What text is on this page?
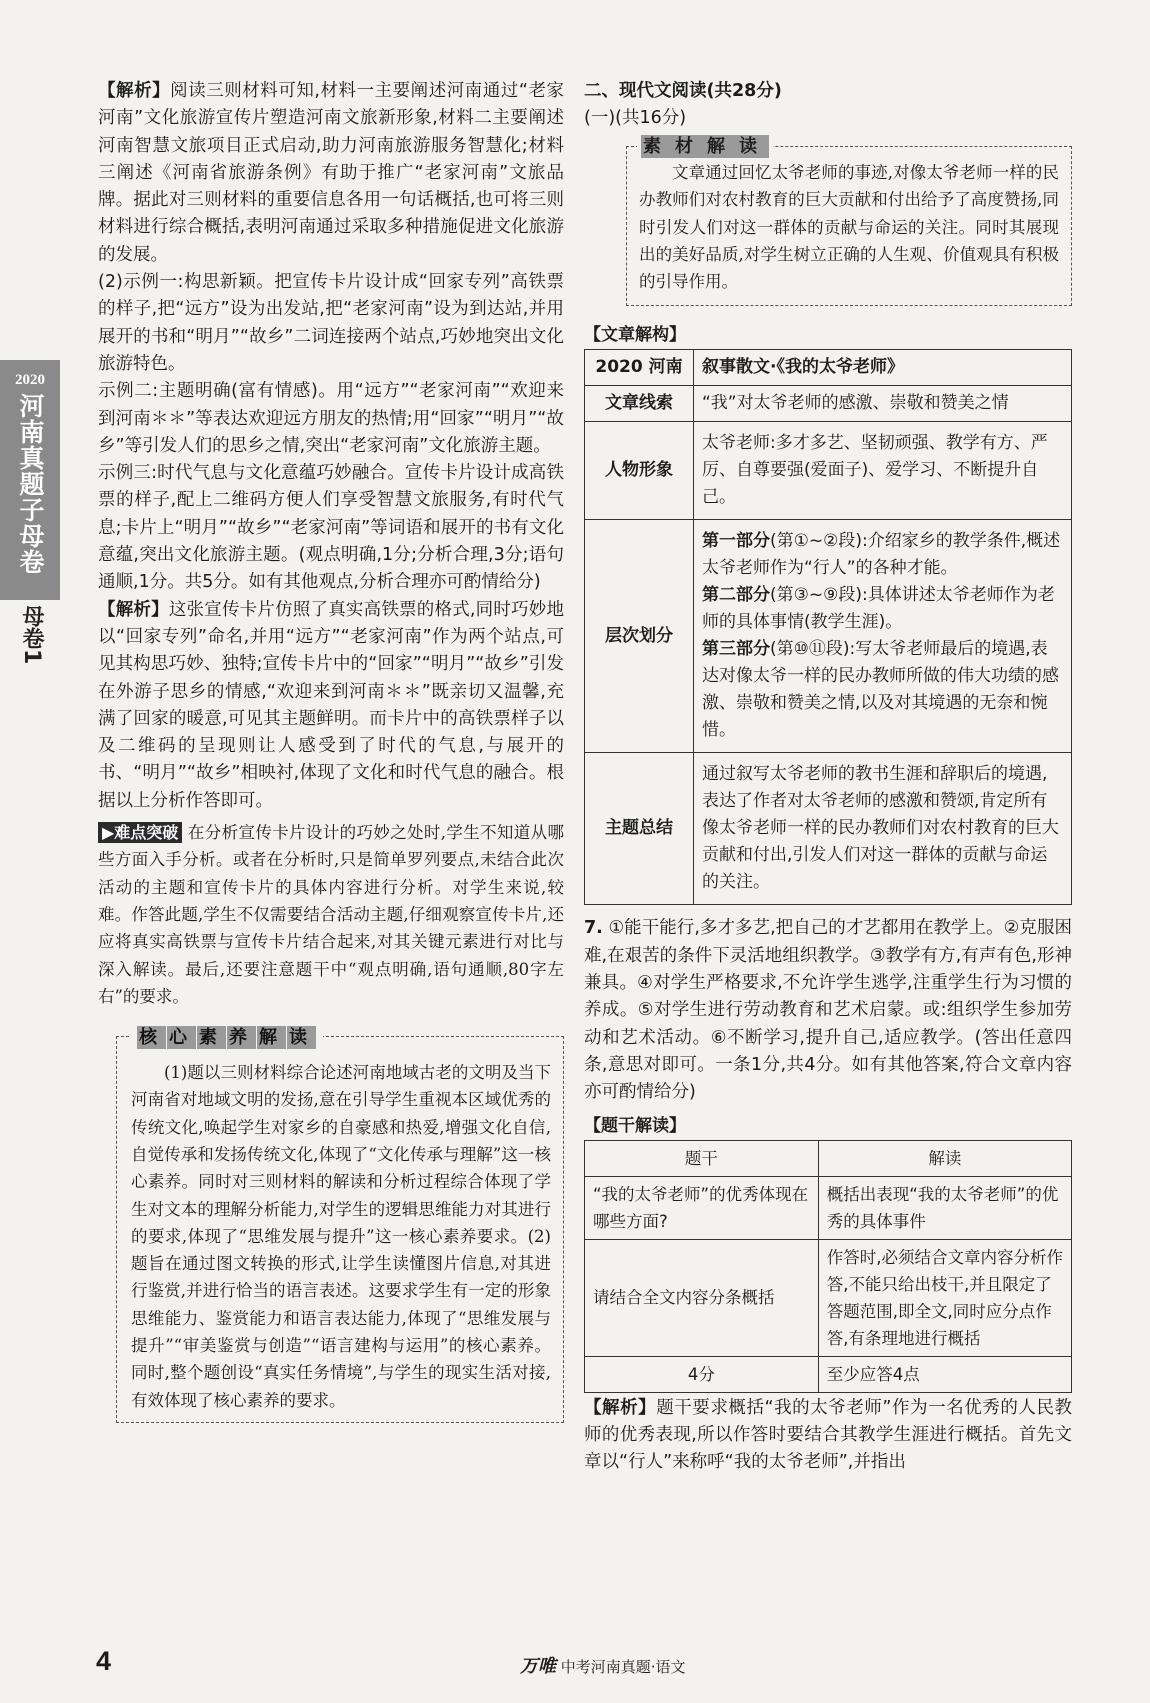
2020
河南真题子母卷
母卷1

【解析】阅读三则材料可知,材料一主要阐述河南通过“老家河南”文化旅游宣传片塑造河南文旅新形象,材料二主要阐述河南智慧文旅项目正式启动,助力河南旅游服务智慧化;材料三阐述《河南省旅游条例》有助于推广“老家河南”文旅品牌。据此对三则材料的重要信息各用一句话概括,也可将三则材料进行综合概括,表明河南通过采取多种措施促进文化旅游的发展。

(2)示例一:构思新颖。把宣传卡片设计成“回家专列”高铁票的样子,把“远方”设为出发站,把“老家河南”设为到达站,并用展开的书和“明月”“故乡”二词连接两个站点,巧妙地突出文化旅游特色。

示例二:主题明确(富有情感)。用“远方”“老家河南”“欢迎来到河南＊＊”等表达欢迎远方朋友的热情;用“回家”“明月”“故乡”等引发人们的思乡之情,突出“老家河南”文化旅游主题。

示例三:时代气息与文化意蕴巧妙融合。宣传卡片设计成高铁票的样子,配上二维码方便人们享受智慧文旅服务,有时代气息;卡片上“明月”“故乡”“老家河南”等词语和展开的书有文化意蕴,突出文化旅游主题。(观点明确,1分;分析合理,3分;语句通顺,1分。共5分。如有其他观点,分析合理亦可酌情给分)

【解析】这张宣传卡片仿照了真实高铁票的格式,同时巧妙地以“回家专列”命名,并用“远方”“老家河南”作为两个站点,可见其构思巧妙、独特;宣传卡片中的“回家”“明月”“故乡”引发在外游子思乡的情感,“欢迎来到河南＊＊”既亲切又温馨,充满了回家的暖意,可见其主题鲜明。而卡片中的高铁票样子以及二维码的呈现则让人感受到了时代的气息,与展开的书、“明月”“故乡”相映衬,体现了文化和时代气息的融合。根据以上分析作答即可。

▶难点突破 在分析宣传卡片设计的巧妙之处时,学生不知道从哪些方面入手分析。或者在分析时,只是简单罗列要点,未结合此次活动的主题和宣传卡片的具体内容进行分析。对学生来说,较难。作答此题,学生不仅需要结合活动主题,仔细观察宣传卡片,还应将真实高铁票与宣传卡片结合起来,对其关键元素进行对比与深入解读。最后,还要注意题干中“观点明确,语句通顺,80字左右”的要求。

核 心 素 养 解 读

(1)题以三则材料综合论述河南地域古老的文明及当下河南省对地域文明的发扬,意在引导学生重视本区域优秀的传统文化,唤起学生对家乡的自豪感和热爱,增强文化自信,自觉传承和发扬传统文化,体现了“文化传承与理解”这一核心素养。同时对三则材料的解读和分析过程综合体现了学生对文本的理解分析能力,对学生的逻辑思维能力对其进行的要求,体现了“思维发展与提升”这一核心素养要求。(2)题旨在通过图文转换的形式,让学生读懂图片信息,对其进行鉴赏,并进行恰当的语言表述。这要求学生有一定的形象思维能力、鉴赏能力和语言表达能力,体现了“思维发展与提升”“审美鉴赏与创造”“语言建构与运用”的核心素养。同时,整个题创设“真实任务情境”,与学生的现实生活对接,有效体现了核心素养的要求。

二、现代文阅读(共28分)
(一)(共16分)
素 材 解 读

文章通过回忆太爷老师的事迹,对像太爷老师一样的民办教师们对农村教育的巨大贡献和付出给予了高度赞扬,同时引发人们对这一群体的贡献与命运的关注。同时其展现出的美好品质,对学生树立正确的人生观、价值观具有积极的引导作用。

【文章解构】
2020 河南	叙事散文·《我的太爷老师》
文章线索	“我”对太爷老师的感激、崇敬和赞美之情
人物形象	太爷老师:多才多艺、坚韧顽强、教学有方、严厉、自尊要强(爱面子)、爱学习、不断提升自己。
层次划分	第一部分(第①~②段):介绍家乡的教学条件,概述太爷老师作为“行人”的各种才能。
第二部分(第③~⑨段):具体讲述太爷老师作为老师的具体事情(教学生涯)。
第三部分(第⑩⑪段):写太爷老师最后的境遇,表达对像太爷一样的民办教师所做的伟大功绩的感激、崇敬和赞美之情,以及对其境遇的无奈和惋惜。

主题总结	通过叙写太爷老师的教书生涯和辞职后的境遇,表达了作者对太爷老师的感激和赞颂,肯定所有像太爷老师一样的民办教师们对农村教育的巨大贡献和付出,引发人们对这一群体的贡献与命运的关注。

7. ①能干能行,多才多艺,把自己的才艺都用在教学上。②克服困难,在艰苦的条件下灵活地组织教学。③教学有方,有声有色,形神兼具。④对学生严格要求,不允许学生逃学,注重学生行为习惯的养成。⑤对学生进行劳动教育和艺术启蒙。或:组织学生参加劳动和艺术活动。⑥不断学习,提升自己,适应教学。(答出任意四条,意思对即可。一条1分,共4分。如有其他答案,符合文章内容亦可酌情给分)

【题干解读】
题干	解读
“我的太爷老师”的优秀体现在哪些方面?	概括出表现“我的太爷老师”的优秀的具体事件
请结合全文内容分条概括	作答时,必须结合文章内容分析作答,不能只给出枝干,并且限定了答题范围,即全文,同时应分点作答,有条理地进行概括
4分	至少应答4点

【解析】题干要求概括“我的太爷老师”作为一名优秀的人民教师的优秀表现,所以作答时要结合其教学生涯进行概括。首先文章以“行人”来称呼“我的太爷老师”,并指出

4	万唯 中考河南真题·语文
